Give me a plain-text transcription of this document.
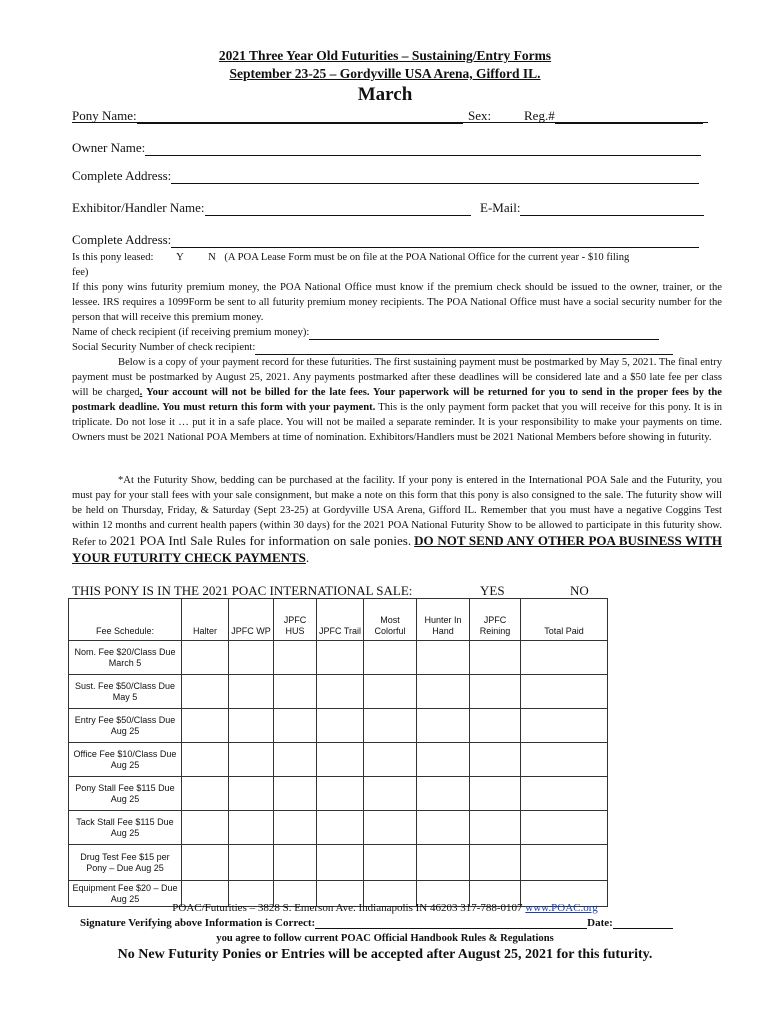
2021 Three Year Old Futurities – Sustaining/Entry Forms
September 23-25 – Gordyville USA Arena, Gifford IL.
March
Pony Name:	Sex:	Reg.#
Owner Name:
Complete Address:
Exhibitor/Handler Name:	E-Mail:
Complete Address:
Is this pony leased: Y N (A POA Lease Form must be on file at the POA National Office for the current year - $10 filing
fee)
If this pony wins futurity premium money, the POA National Office must know if the premium check should be issued to the owner, trainer, or the lessee. IRS requires a 1099Form be sent to all futurity premium money recipients. The POA National Office must have a social security number for the person that will receive this premium money.
Name of check recipient (if receiving premium money):
Social Security Number of check recipient:
Below is a copy of your payment record for these futurities. The first sustaining payment must be postmarked by May 5, 2021. The final entry payment must be postmarked by August 25, 2021. Any payments postmarked after these deadlines will be considered late and a $50 late fee per class will be charged. Your account will not be billed for the late fees. Your paperwork will be returned for you to send in the proper fees by the postmark deadline. You must return this form with your payment. This is the only payment form packet that you will receive for this pony. It is in triplicate. Do not lose it … put it in a safe place. You will not be mailed a separate reminder. It is your responsibility to make your payments on time. Owners must be 2021 National POA Members at time of nomination. Exhibitors/Handlers must be 2021 National Members before showing in futurity.
*At the Futurity Show, bedding can be purchased at the facility. If your pony is entered in the International POA Sale and the Futurity, you must pay for your stall fees with your sale consignment, but make a note on this form that this pony is also consigned to the sale. The futurity show will be held on Thursday, Friday, & Saturday (Sept 23-25) at Gordyville USA Arena, Gifford IL. Remember that you must have a negative Coggins Test within 12 months and current health papers (within 30 days) for the 2021 POA National Futurity Show to be allowed to participate in this futurity show. Refer to 2021 POA Intl Sale Rules for information on sale ponies. DO NOT SEND ANY OTHER POA BUSINESS WITH YOUR FUTURITY CHECK PAYMENTS.
THIS PONY IS IN THE 2021 POAC INTERNATIONAL SALE:	YES	NO
Fee Schedule:	Halter	JPFC WP	JPFC HUS	JPFC Trail	Most Colorful	Hunter In Hand	JPFC Reining	Total Paid
Nom. Fee $20/Class Due March 5								
Sust. Fee $50/Class Due May 5								
Entry Fee $50/Class Due Aug 25								
Office Fee $10/Class Due Aug 25								
Pony Stall Fee $115 Due Aug 25								
Tack Stall Fee $115 Due Aug 25								
Drug Test Fee $15 per Pony – Due Aug 25								
Equipment Fee $20 – Due Aug 25								
POAC/Futurities – 3828 S. Emerson Ave. Indianapolis IN 46203 317-788-0107 www.POAC.org
Signature Verifying above Information is Correct:	Date:
you agree to follow current POAC Official Handbook Rules & Regulations
No New Futurity Ponies or Entries will be accepted after August 25, 2021 for this futurity.
